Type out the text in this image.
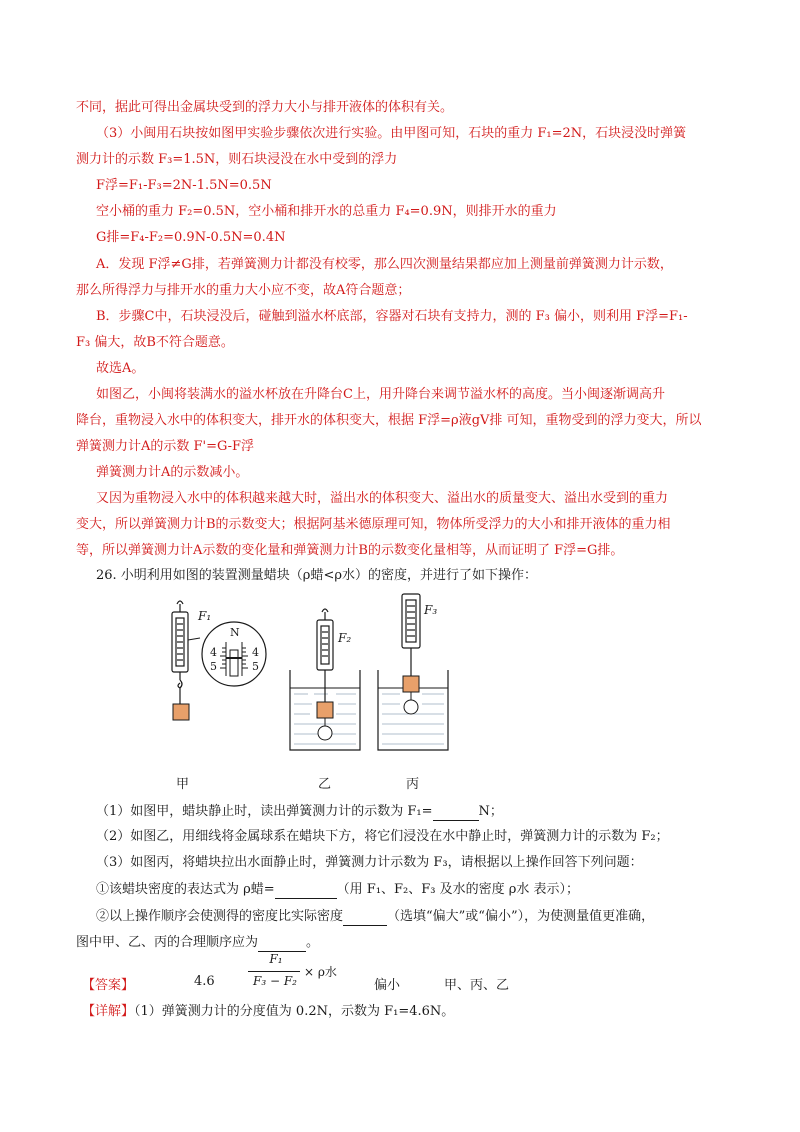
不同，据此可得出金属块受到的浮力大小与排开液体的体积有关。
（3）小闽用石块按如图甲实验步骤依次进行实验。由甲图可知，石块的重力 F₁=2N，石块浸没时弹簧
测力计的示数 F₃=1.5N，则石块浸没在水中受到的浮力
F浮=F₁-F₃=2N-1.5N=0.5N
空小桶的重力 F₂=0.5N，空小桶和排开水的总重力 F₄=0.9N，则排开水的重力
G排=F₄-F₂=0.9N-0.5N=0.4N
A．发现 F浮≠G排，若弹簧测力计都没有校零，那么四次测量结果都应加上测量前弹簧测力计示数，
那么所得浮力与排开水的重力大小应不变，故A符合题意；
B．步骤C中，石块浸没后，碰触到溢水杯底部，容器对石块有支持力，测的 F₃ 偏小，则利用 F浮=F₁-
F₃ 偏大，故B不符合题意。
故选A。
如图乙，小闽将装满水的溢水杯放在升降台C上，用升降台来调节溢水杯的高度。当小闽逐渐调高升
降台，重物浸入水中的体积变大，排开水的体积变大，根据 F浮=ρ液gV排 可知，重物受到的浮力变大，所以
弹簧测力计A的示数 F'=G-F浮
弹簧测力计A的示数减小。
又因为重物浸入水中的体积越来越大时，溢出水的体积变大、溢出水的质量变大、溢出水受到的重力
变大，所以弹簧测力计B的示数变大；根据阿基米德原理可知，物体所受浮力的大小和排开液体的重力相
等，所以弹簧测力计A示数的变化量和弹簧测力计B的示数变化量相等，从而证明了 F浮=G排。
26. 小明利用如图的装置测量蜡块（ρ蜡<ρ水）的密度，并进行了如下操作：
F₁
N
4
5
4
5
F₂
F₃
甲	乙	丙
（1）如图甲，蜡块静止时，读出弹簧测力计的示数为 F₁=	N；
（2）如图乙，用细线将金属球系在蜡块下方，将它们浸没在水中静止时，弹簧测力计的示数为 F₂；
（3）如图丙，将蜡块拉出水面静止时，弹簧测力计示数为 F₃，请根据以上操作回答下列问题：
①该蜡块密度的表达式为 ρ蜡=	（用 F₁、F₂、F₃ 及水的密度 ρ水 表示）；
②以上操作顺序会使测得的密度比实际密度	（选填“偏大”或“偏小”），为使测量值更准确，
图中甲、乙、丙的合理顺序应为	。
【答案】	4.6
F₁
F₃ − F₂
× ρ水
偏小	甲、丙、乙
【详解】（1）弹簧测力计的分度值为 0.2N，示数为 F₁=4.6N。
